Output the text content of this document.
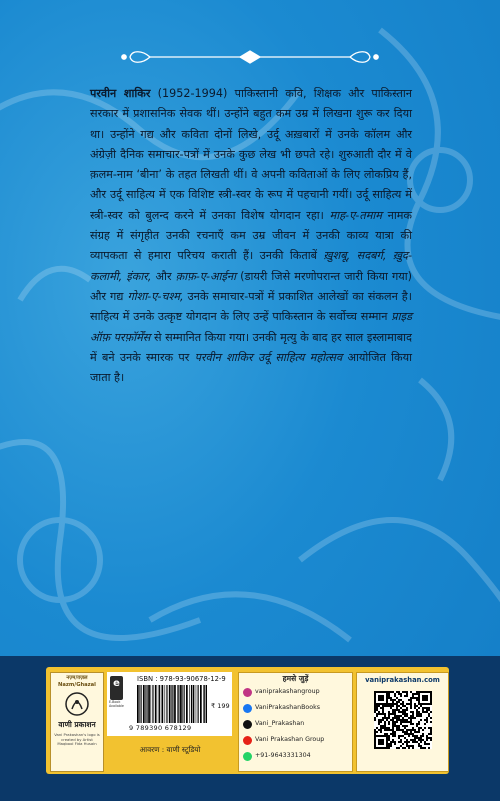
परवीन शाकिर (1952-1994) पाकिस्तानी कवि, शिक्षक और पाकिस्तान सरकार में प्रशासनिक सेवक थीं। उन्होंने बहुत कम उम्र में लिखना शुरू कर दिया था। उन्होंने गद्य और कविता दोनों लिखे, उर्दू अख़बारों में उनके कॉलम और अंग्रेज़ी दैनिक समाचार-पत्रों में उनके कुछ लेख भी छपते रहे। शुरुआती दौर में वे क़लम-नाम ‘बीना’ के तहत लिखती थीं। वे अपनी कविताओं के लिए लोकप्रिय हैं, और उर्दू साहित्य में एक विशिष्ट स्त्री-स्वर के रूप में पहचानी गयीं। उर्दू साहित्य में स्त्री-स्वर को बुलन्द करने में उनका विशेष योगदान रहा। माह-ए-तमाम नामक संग्रह में संगृहीत उनकी रचनाएँ कम उम्र जीवन में उनकी काव्य यात्रा की व्यापकता से हमारा परिचय कराती हैं। उनकी किताबें ख़ुशबू, सदबर्ग, ख़ुद-कलामी, इंकार, और क़ाफ़-ए-आईना (डायरी जिसे मरणोपरान्त जारी किया गया) और गद्य गोशा-ए-चश्म, उनके समाचार-पत्रों में प्रकाशित आलेखों का संकलन है। साहित्य में उनके उत्कृष्ट योगदान के लिए उन्हें पाकिस्तान के सर्वोच्च सम्मान प्राइड ऑफ़ परफ़ॉर्मेंस से सम्मानित किया गया। उनकी मृत्यु के बाद हर साल इस्लामाबाद में बने उनके स्मारक पर परवीन शाकिर उर्दू साहित्य महोत्सव आयोजित किया जाता है।
नज़्म/ग़ज़ल
Nazm/Ghazal
वाणी प्रकाशन
Vani Prakashan's logo is created by Artist Maqbool Fida Husain
e
E-Book Available
ISBN : 978-93-90678-12-9
9 789390 678129
₹ 199
आवरण : वाणी स्टूडियो
हमसे जुड़ें
vaniprakashangroup
VaniPrakashanBooks
Vani_Prakashan
Vani Prakashan Group
+91-9643331304
vaniprakashan.com
